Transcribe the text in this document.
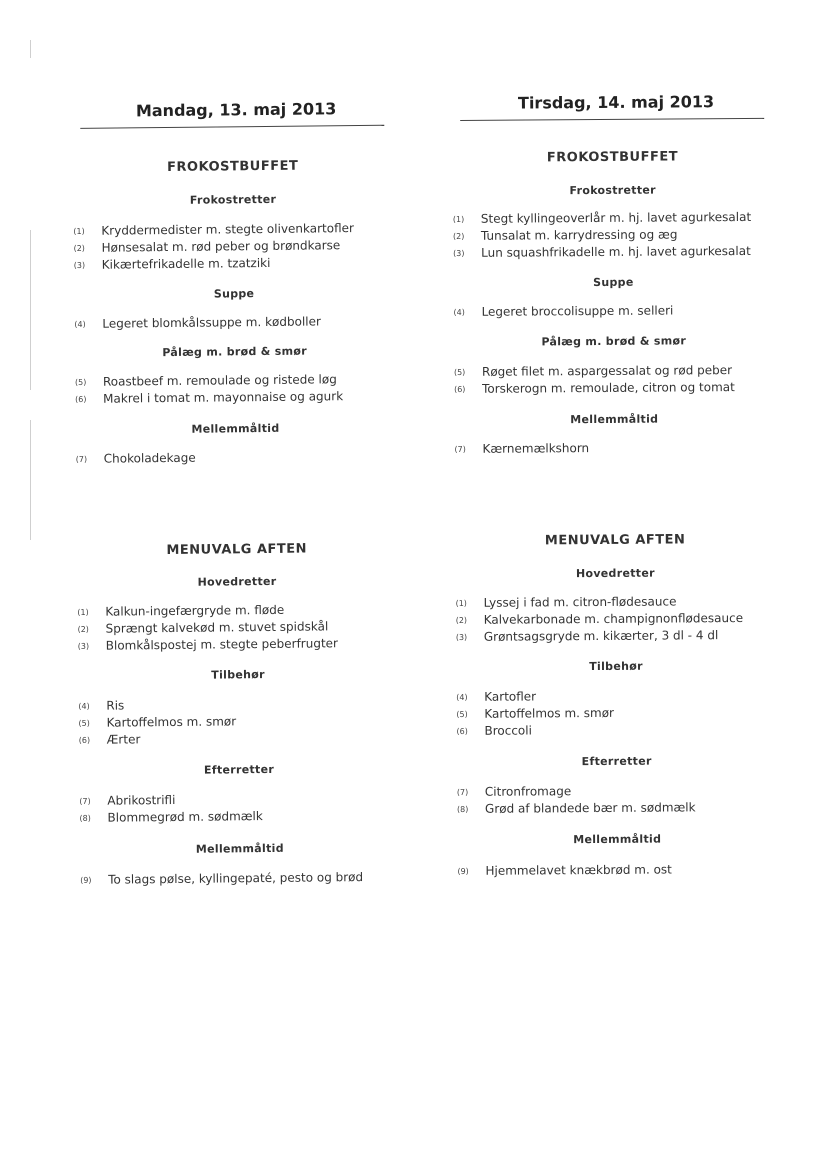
Mandag, 13. maj 2013
FROKOSTBUFFET
Frokostretter
(1) Kryddermedister m. stegte olivenkartofler
(2) Hønsesalat m. rød peber og brøndkarse
(3) Kikærtefrikadelle m. tzatziki
Suppe
(4) Legeret blomkålssuppe m. kødboller
Pålæg m. brød & smør
(5) Roastbeef m. remoulade og ristede løg
(6) Makrel i tomat m. mayonnaise og agurk
Mellemmåltid
(7) Chokoladekage
MENUVALG AFTEN
Hovedretter
(1) Kalkun-ingefærgryde m. fløde
(2) Sprængt kalvekød m. stuvet spidskål
(3) Blomkålspostej m. stegte peberfrugter
Tilbehør
(4) Ris
(5) Kartoffelmos m. smør
(6) Ærter
Efterretter
(7) Abrikostrifli
(8) Blommegrød m. sødmælk
Mellemmåltid
(9) To slags pølse, kyllingepaté, pesto og brød
Tirsdag, 14. maj 2013
FROKOSTBUFFET
Frokostretter
(1) Stegt kyllingeoverlår m. hj. lavet agurkesalat
(2) Tunsalat m. karrydressing og æg
(3) Lun squashfrikadelle m. hj. lavet agurkesalat
Suppe
(4) Legeret broccolisuppe m. selleri
Pålæg m. brød & smør
(5) Røget filet m. aspargessalat og rød peber
(6) Torskerogn m. remoulade, citron og tomat
Mellemmåltid
(7) Kærnemælkshorn
MENUVALG AFTEN
Hovedretter
(1) Lyssej i fad m. citron-flødesauce
(2) Kalvekarbonade m. champignonflødesauce
(3) Grøntsagsgryde m. kikærter, 3 dl - 4 dl
Tilbehør
(4) Kartofler
(5) Kartoffelmos m. smør
(6) Broccoli
Efterretter
(7) Citronfromage
(8) Grød af blandede bær m. sødmælk
Mellemmåltid
(9) Hjemmelavet knækbrød m. ost
